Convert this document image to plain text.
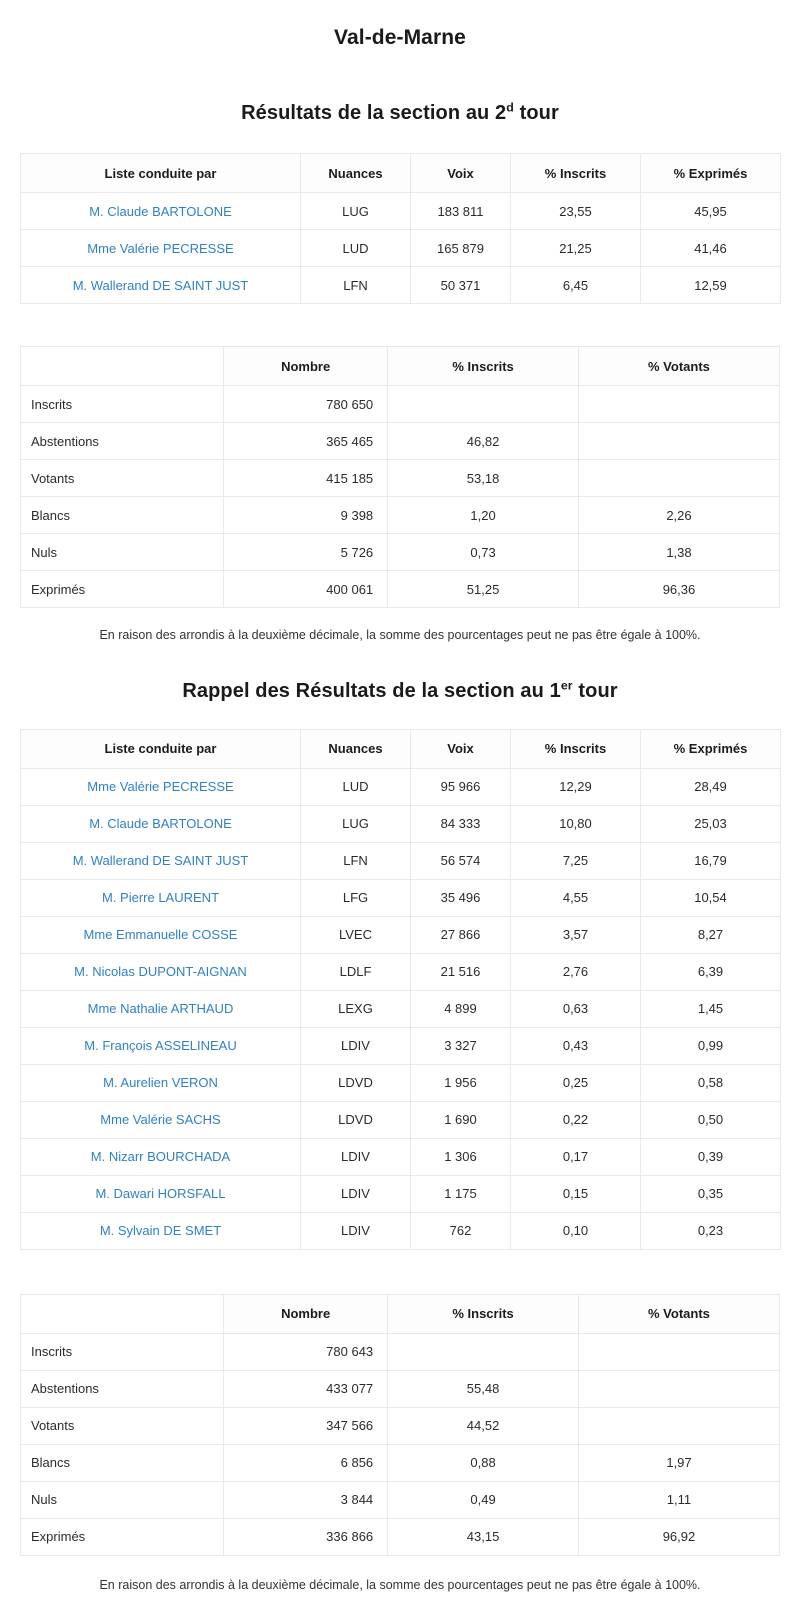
Val-de-Marne
Résultats de la section au 2$^d$ tour
Liste conduite par	Nuances	Voix	% Inscrits	% Exprimés
M. Claude BARTOLONE	LUG	183 811	23,55	45,95
Mme Valérie PECRESSE	LUD	165 879	21,25	41,46
M. Wallerand DE SAINT JUST	LFN	50 371	6,45	12,59
	Nombre	% Inscrits	% Votants
Inscrits	780 650		
Abstentions	365 465	46,82	
Votants	415 185	53,18	
Blancs	9 398	1,20	2,26
Nuls	5 726	0,73	1,38
Exprimés	400 061	51,25	96,36

En raison des arrondis à la deuxième décimale, la somme des pourcentages peut ne pas être égale à 100%.

Rappel des Résultats de la section au 1er tour
Liste conduite par	Nuances	Voix	% Inscrits	% Exprimés
Mme Valérie PECRESSE	LUD	95 966	12,29	28,49
M. Claude BARTOLONE	LUG	84 333	10,80	25,03
M. Wallerand DE SAINT JUST	LFN	56 574	7,25	16,79
M. Pierre LAURENT	LFG	35 496	4,55	10,54
Mme Emmanuelle COSSE	LVEC	27 866	3,57	8,27
M. Nicolas DUPONT-AIGNAN	LDLF	21 516	2,76	6,39
Mme Nathalie ARTHAUD	LEXG	4 899	0,63	1,45
M. François ASSELINEAU	LDIV	3 327	0,43	0,99
M. Aurelien VERON	LDVD	1 956	0,25	0,58
Mme Valérie SACHS	LDVD	1 690	0,22	0,50
M. Nizarr BOURCHADA	LDIV	1 306	0,17	0,39
M. Dawari HORSFALL	LDIV	1 175	0,15	0,35
M. Sylvain DE SMET	LDIV	762	0,10	0,23
	Nombre	% Inscrits	% Votants
Inscrits	780 643		
Abstentions	433 077	55,48	
Votants	347 566	44,52	
Blancs	6 856	0,88	1,97
Nuls	3 844	0,49	1,11
Exprimés	336 866	43,15	96,92

En raison des arrondis à la deuxième décimale, la somme des pourcentages peut ne pas être égale à 100%.
